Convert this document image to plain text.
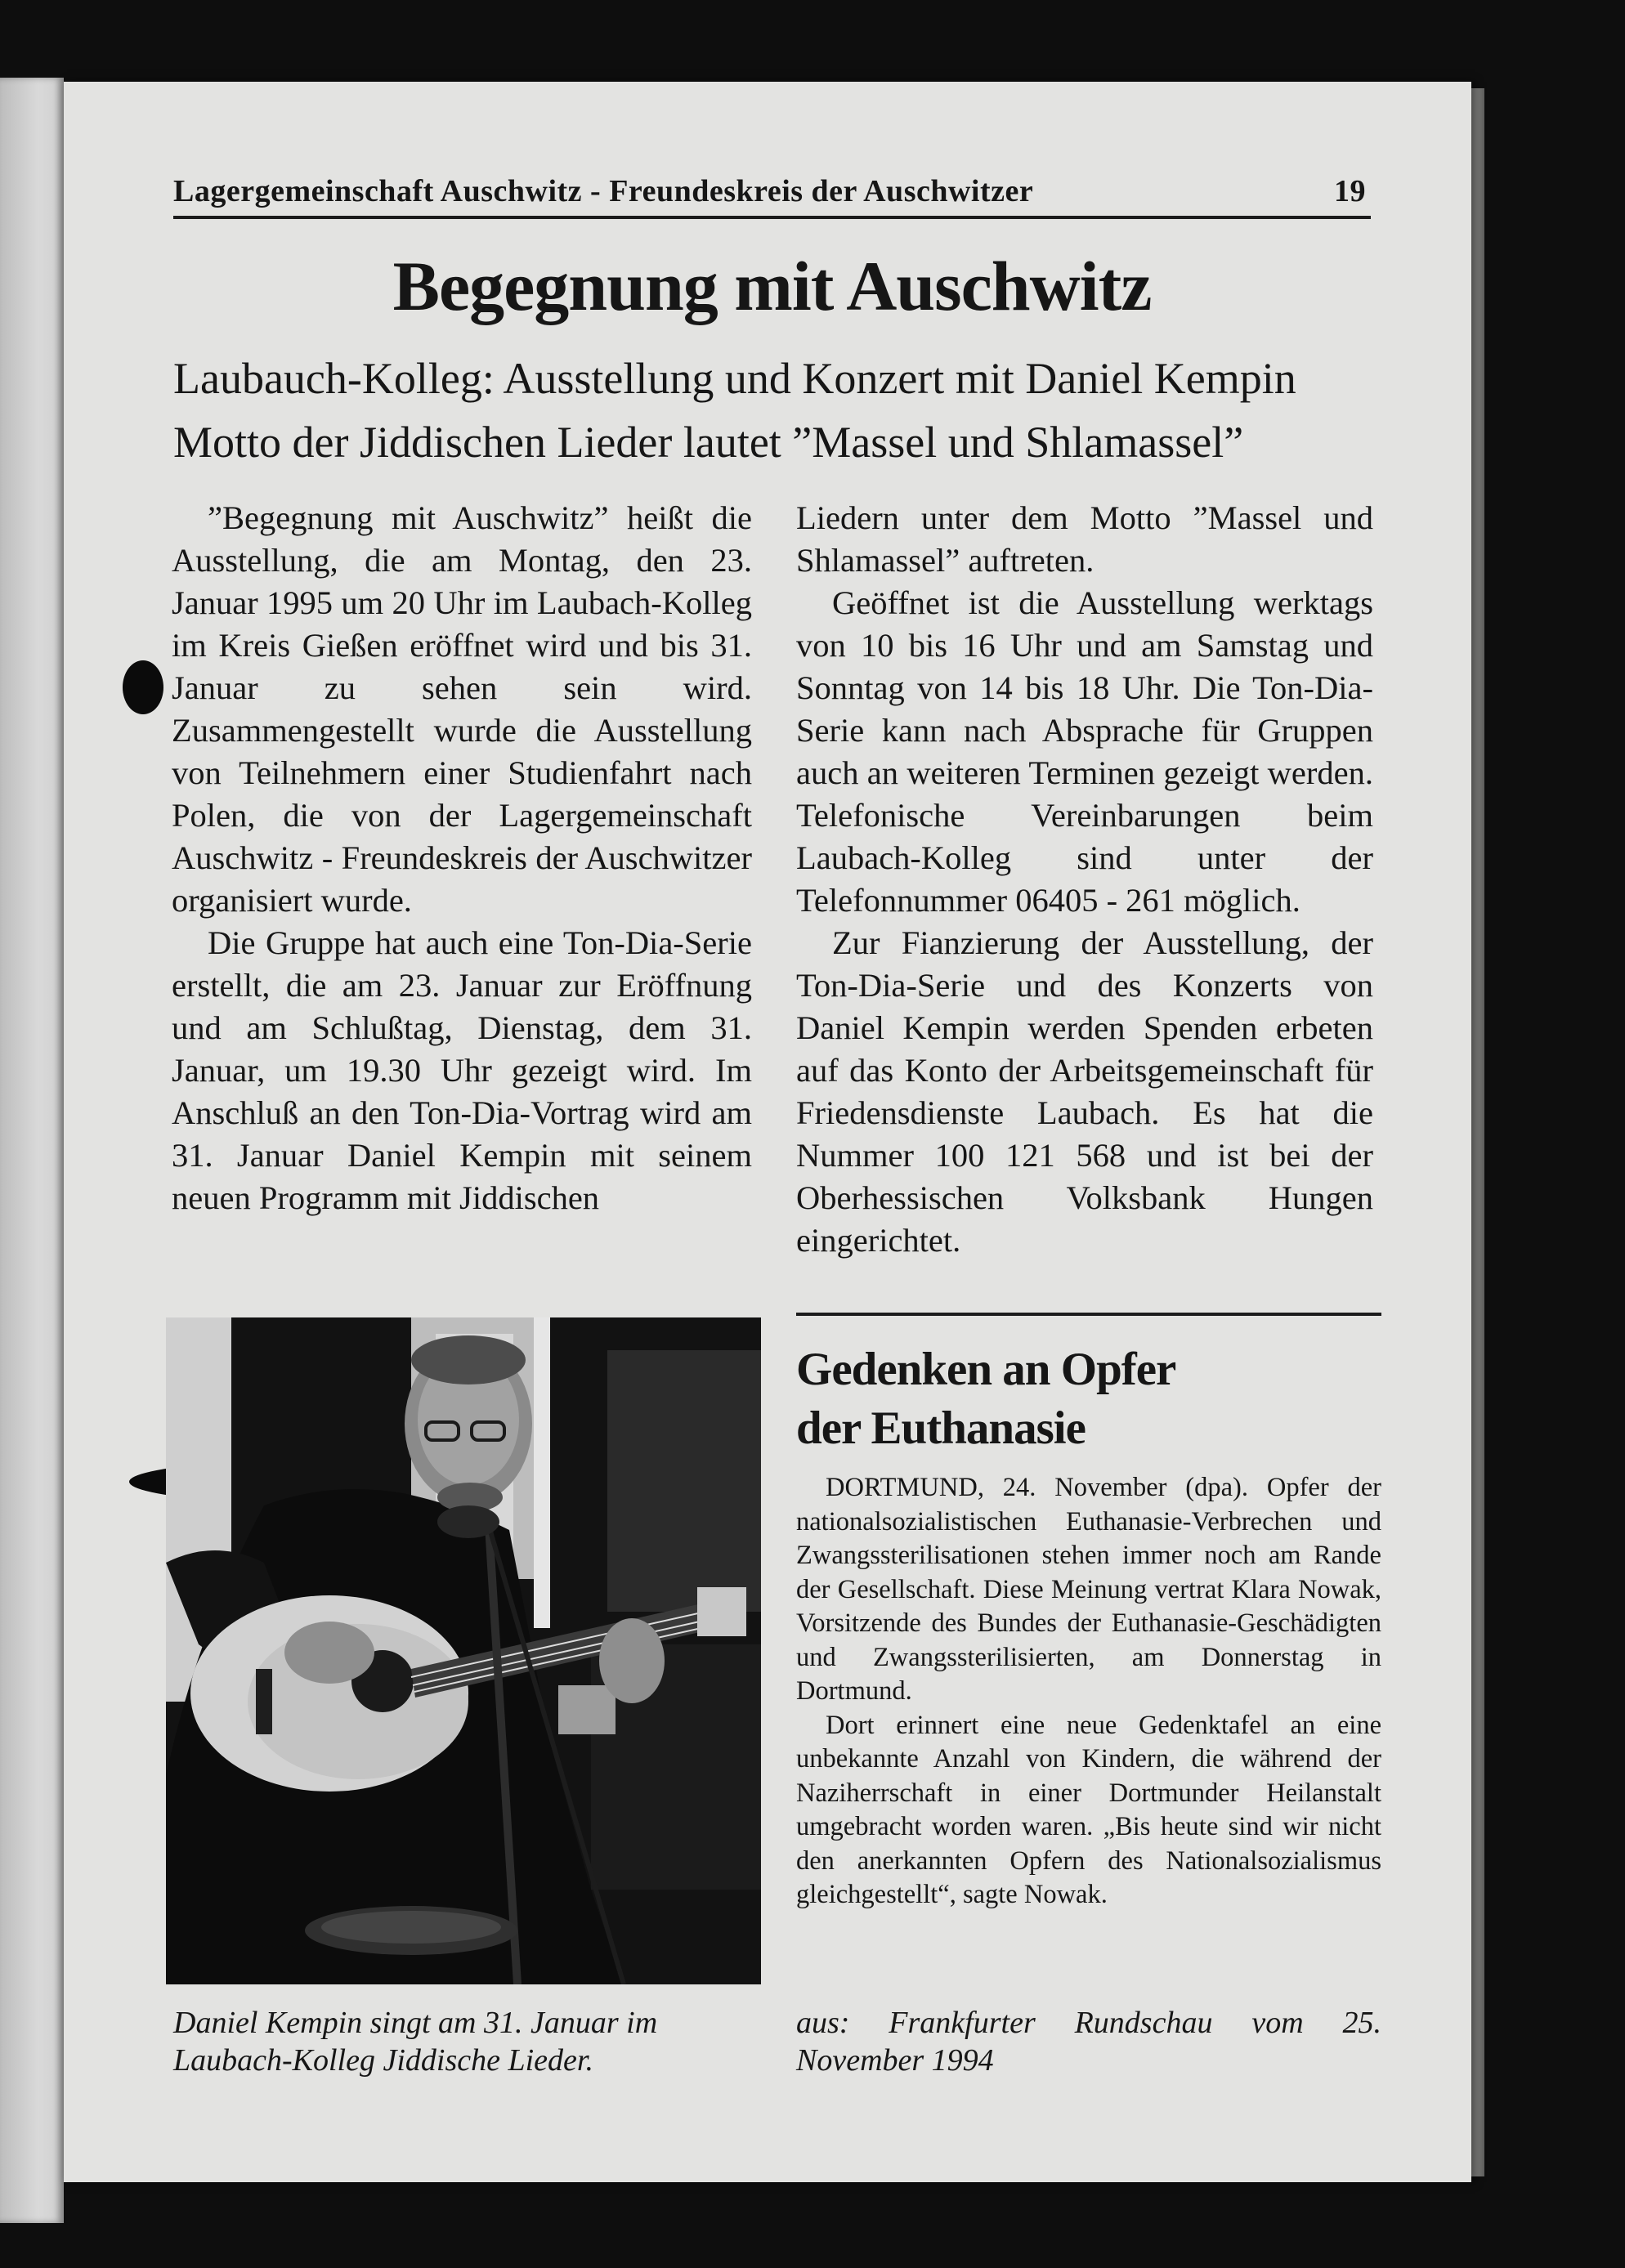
Lagergemeinschaft Auschwitz - Freundeskreis der Auschwitzer	19
Begegnung mit Auschwitz
Laubauch-Kolleg: Ausstellung und Konzert mit Daniel Kempin
Motto der Jiddischen Lieder lautet ”Massel und Shlamassel”

”Begegnung mit Auschwitz” heißt die Ausstellung, die am Montag, den 23. Januar 1995 um 20 Uhr im Laubach-Kolleg im Kreis Gießen eröffnet wird und bis 31. Januar zu sehen sein wird. Zusammengestellt wurde die Ausstellung von Teilnehmern einer Studienfahrt nach Polen, die von der Lagergemeinschaft Auschwitz - Freundeskreis der Auschwitzer organisiert wurde.

Die Gruppe hat auch eine Ton-Dia-Serie erstellt, die am 23. Januar zur Eröffnung und am Schlußtag, Dienstag, dem 31. Januar, um 19.30 Uhr gezeigt wird. Im Anschluß an den Ton-Dia-Vortrag wird am 31. Januar Daniel Kempin mit seinem neuen Programm mit Jiddischen

Liedern unter dem Motto ”Massel und Shlamassel” auftreten.

Geöffnet ist die Ausstellung werktags von 10 bis 16 Uhr und am Samstag und Sonntag von 14 bis 18 Uhr. Die Ton-Dia-Serie kann nach Absprache für Gruppen auch an weiteren Terminen gezeigt werden. Telefonische Vereinbarungen beim Laubach-Kolleg sind unter der Telefonnummer 06405 - 261 möglich.

Zur Fianzierung der Ausstellung, der Ton-Dia-Serie und des Konzerts von Daniel Kempin werden Spenden erbeten auf das Konto der Arbeitsgemeinschaft für Friedensdienste Laubach. Es hat die Nummer 100 121 568 und ist bei der Oberhessischen Volksbank Hungen eingerichtet.

Daniel Kempin singt am 31. Januar im
Laubach-Kolleg Jiddische Lieder.
Gedenken an Opfer
der Euthanasie

DORTMUND, 24. November (dpa). Opfer der nationalsozialistischen Euthanasie-Verbrechen und Zwangssterilisationen stehen immer noch am Rande der Gesellschaft. Diese Meinung vertrat Klara Nowak, Vorsitzende des Bundes der Euthanasie-Geschädigten und Zwangssterilisierten, am Donnerstag in Dortmund.

Dort erinnert eine neue Gedenktafel an eine unbekannte Anzahl von Kindern, die während der Naziherrschaft in einer Dortmunder Heilanstalt umgebracht worden waren. „Bis heute sind wir nicht den anerkannten Opfern des Nationalsozialismus gleichgestellt“, sagte Nowak.

aus: Frankfurter Rundschau vom 25. November 1994
